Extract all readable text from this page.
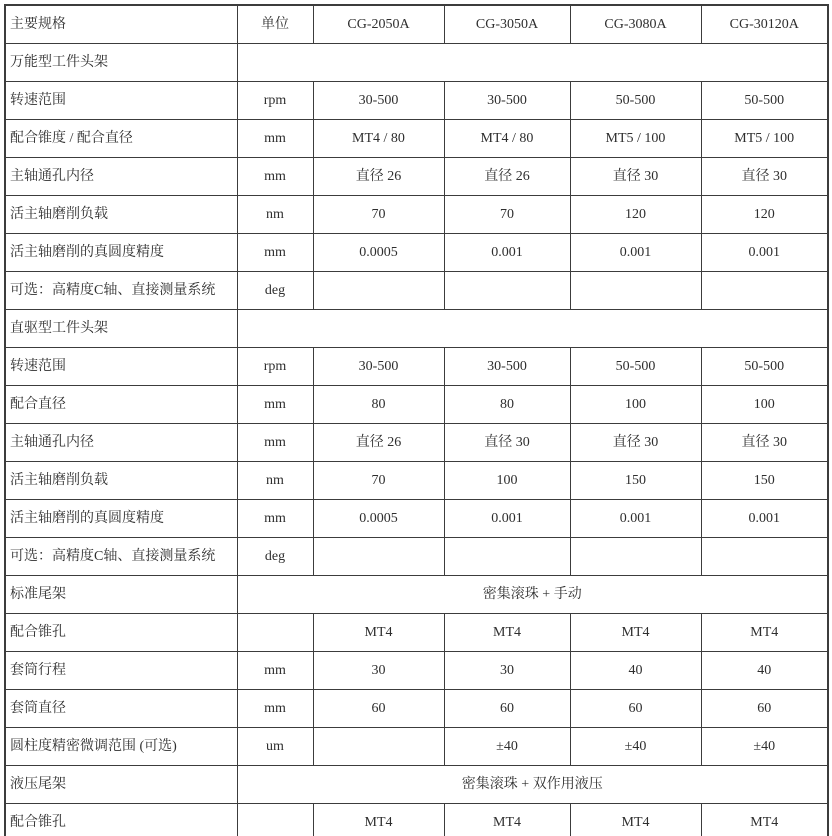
主要规格	单位	CG-2050A	CG-3050A	CG-3080A	CG-30120A
万能型工件头架					
转速范围	rpm	30-500	30-500	50-500	50-500
配合锥度 / 配合直径	mm	MT4 / 80	MT4 / 80	MT5 / 100	MT5 / 100
主轴通孔内径	mm	直径 26	直径 26	直径 30	直径 30
活主轴磨削负载	nm	70	70	120	120
活主轴磨削的真圆度精度	mm	0.0005	0.001	0.001	0.001
可选：高精度C轴、直接测量系统	deg				
直驱型工件头架					
转速范围	rpm	30-500	30-500	50-500	50-500
配合直径	mm	80	80	100	100
主轴通孔内径	mm	直径 26	直径 30	直径 30	直径 30
活主轴磨削负载	nm	70	100	150	150
活主轴磨削的真圆度精度	mm	0.0005	0.001	0.001	0.001
可选：高精度C轴、直接测量系统	deg				
标准尾架	密集滚珠 + 手动				
配合锥孔		MT4	MT4	MT4	MT4
套筒行程	mm	30	30	40	40
套筒直径	mm	60	60	60	60
圆柱度精密微调范围 (可选)	um		±40	±40	±40
液压尾架	密集滚珠 + 双作用液压				
配合锥孔		MT4	MT4	MT4	MT4
